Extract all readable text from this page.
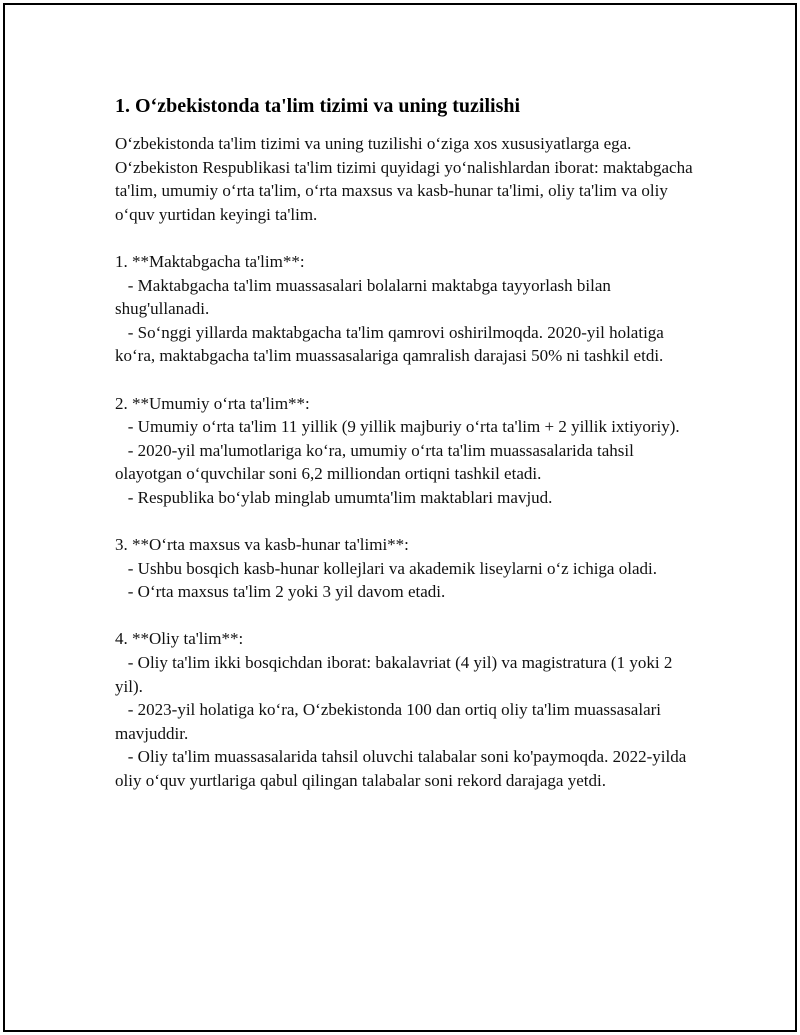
1. O‘zbekistonda ta'lim tizimi va uning tuzilishi

O‘zbekistonda ta'lim tizimi va uning tuzilishi o‘ziga xos xususiyatlarga ega. O‘zbekiston Respublikasi ta'lim tizimi quyidagi yo‘nalishlardan iborat: maktabgacha ta'lim, umumiy o‘rta ta'lim, o‘rta maxsus va kasb-hunar ta'limi, oliy ta'lim va oliy o‘quv yurtidan keyingi ta'lim.

1. **Maktabgacha ta'lim**:

- Maktabgacha ta'lim muassasalari bolalarni maktabga tayyorlash bilan shug'ullanadi.

- So‘nggi yillarda maktabgacha ta'lim qamrovi oshirilmoqda. 2020-yil holatiga ko‘ra, maktabgacha ta'lim muassasalariga qamralish darajasi 50% ni tashkil etdi.

2. **Umumiy o‘rta ta'lim**:

- Umumiy o‘rta ta'lim 11 yillik (9 yillik majburiy o‘rta ta'lim + 2 yillik ixtiyoriy).

- 2020-yil ma'lumotlariga ko‘ra, umumiy o‘rta ta'lim muassasalarida tahsil olayotgan o‘quvchilar soni 6,2 milliondan ortiqni tashkil etadi.

- Respublika bo‘ylab minglab umumta'lim maktablari mavjud.

3. **O‘rta maxsus va kasb-hunar ta'limi**:

- Ushbu bosqich kasb-hunar kollejlari va akademik liseylarni o‘z ichiga oladi.

- O‘rta maxsus ta'lim 2 yoki 3 yil davom etadi.

4. **Oliy ta'lim**:

- Oliy ta'lim ikki bosqichdan iborat: bakalavriat (4 yil) va magistratura (1 yoki 2 yil).

- 2023-yil holatiga ko‘ra, O‘zbekistonda 100 dan ortiq oliy ta'lim muassasalari mavjuddir.

- Oliy ta'lim muassasalarida tahsil oluvchi talabalar soni ko'paymoqda. 2022-yilda oliy o‘quv yurtlariga qabul qilingan talabalar soni rekord darajaga yetdi.
